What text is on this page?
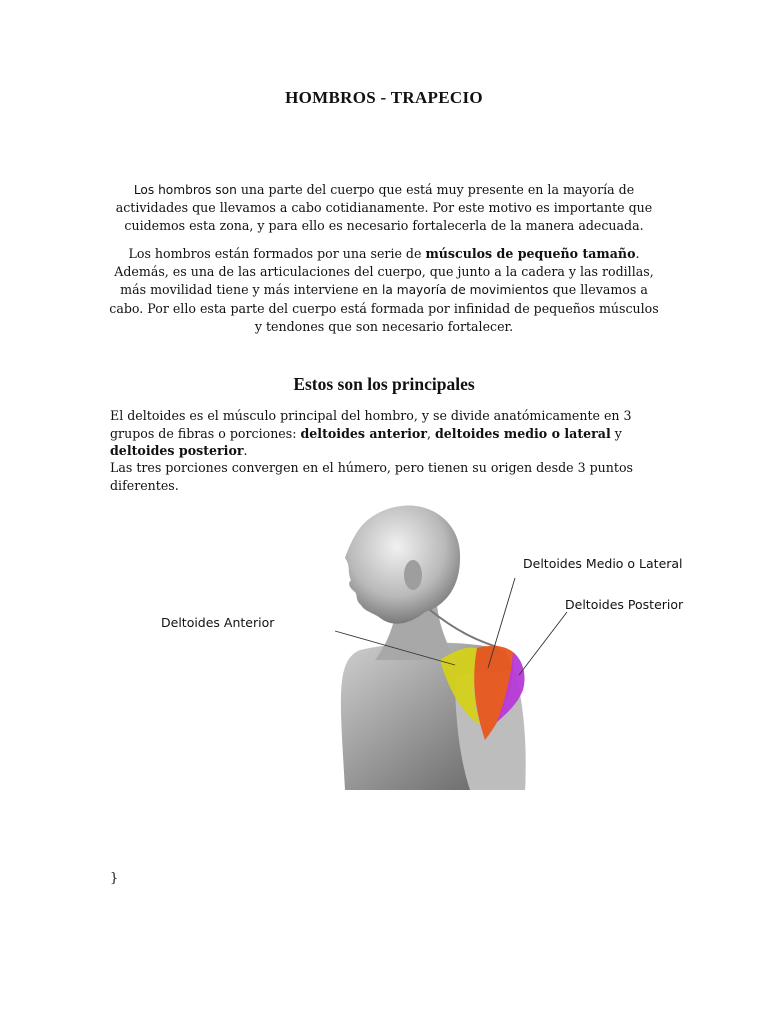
HOMBROS - TRAPECIO

Los hombros son una parte del cuerpo que está muy presente en la mayoría de actividades que llevamos a cabo cotidianamente. Por este motivo es importante que cuidemos esta zona, y para ello es necesario fortalecerla de la manera adecuada.

Los hombros están formados por una serie de músculos de pequeño tamaño. Además, es una de las articulaciones del cuerpo, que junto a la cadera y las rodillas, más movilidad tiene y más interviene en la mayoría de movimientos que llevamos a cabo. Por ello esta parte del cuerpo está formada por infinidad de pequeños músculos y tendones que son necesario fortalecer.

Estos son los principales

El deltoides es el músculo principal del hombro, y se divide anatómicamente en 3 grupos de fibras o porciones: deltoides anterior, deltoides medio o lateral y deltoides posterior.

Las tres porciones convergen en el húmero, pero tienen su origen desde 3 puntos diferentes.

Deltoides Medio o Lateral
Deltoides Posterior
Deltoides Anterior
}
